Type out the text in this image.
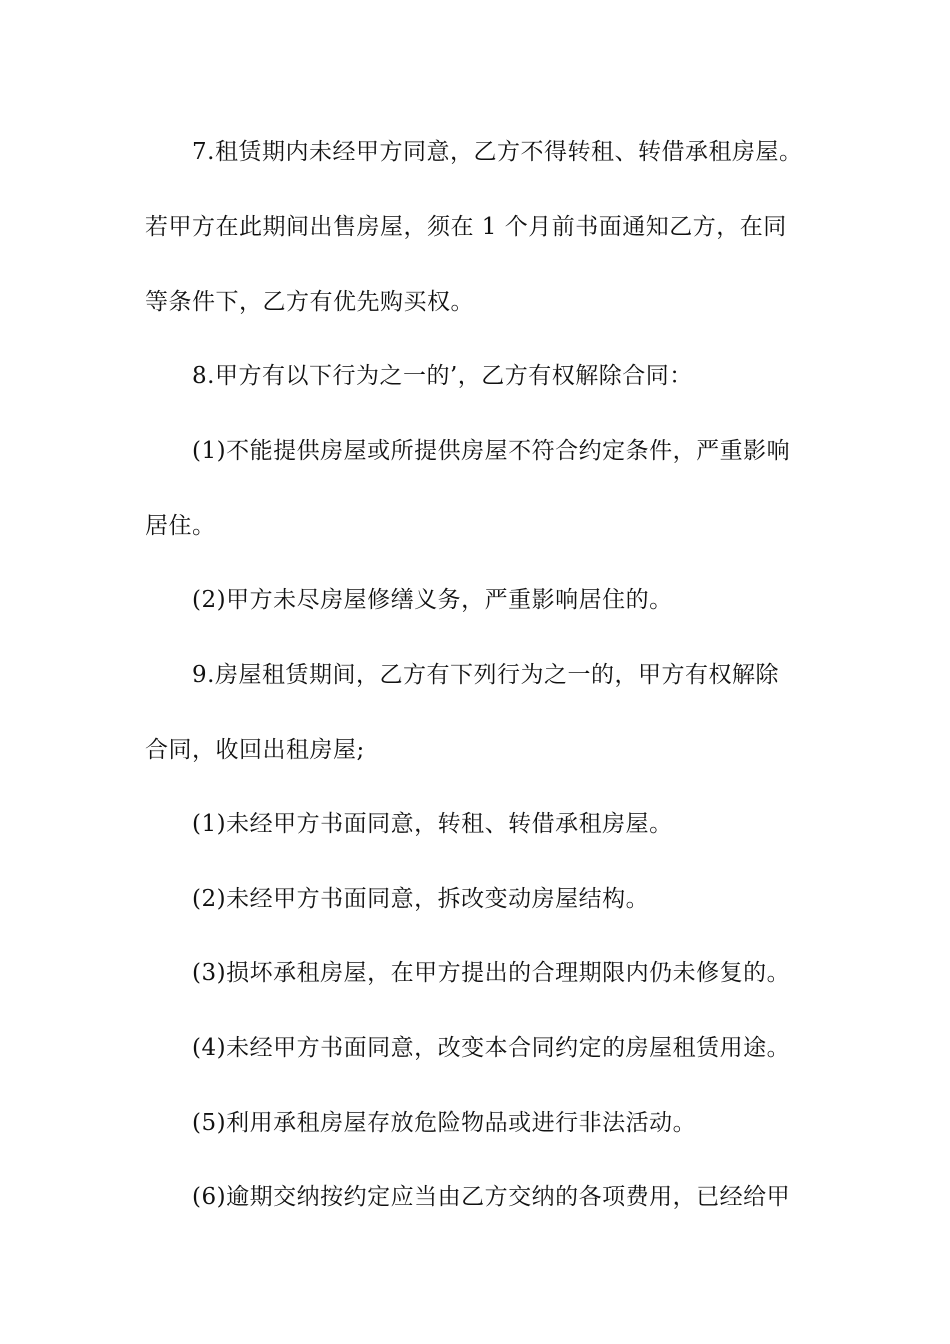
7.租赁期内未经甲方同意，乙方不得转租、转借承租房屋。
若甲方在此期间出售房屋，须在 1 个月前书面通知乙方，在同
等条件下，乙方有优先购买权。
8.甲方有以下行为之一的’，乙方有权解除合同：
(1)不能提供房屋或所提供房屋不符合约定条件，严重影响
居住。
(2)甲方未尽房屋修缮义务，严重影响居住的。
9.房屋租赁期间，乙方有下列行为之一的，甲方有权解除
合同，收回出租房屋;
(1)未经甲方书面同意，转租、转借承租房屋。
(2)未经甲方书面同意，拆改变动房屋结构。
(3)损坏承租房屋，在甲方提出的合理期限内仍未修复的。
(4)未经甲方书面同意，改变本合同约定的房屋租赁用途。
(5)利用承租房屋存放危险物品或进行非法活动。
(6)逾期交纳按约定应当由乙方交纳的各项费用，已经给甲
